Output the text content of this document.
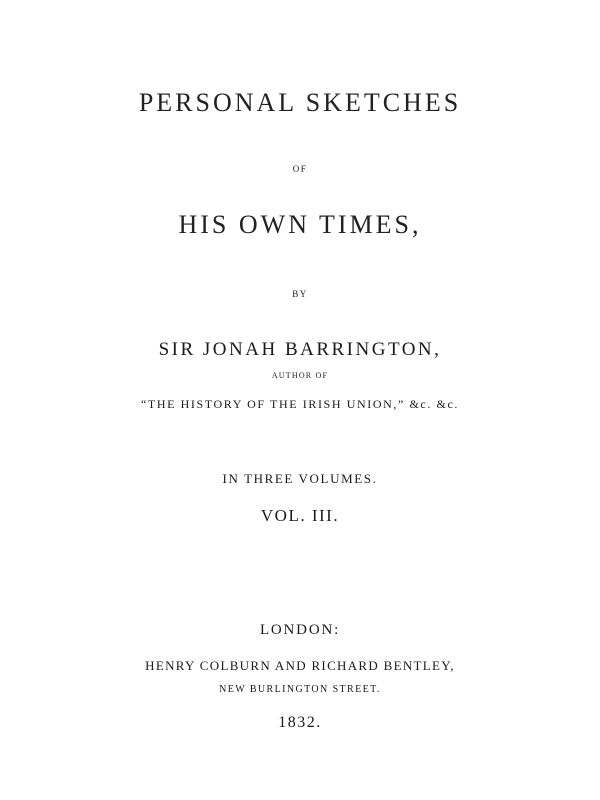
PERSONAL SKETCHES
OF
HIS OWN TIMES,
BY
SIR JONAH BARRINGTON,
AUTHOR OF
“THE HISTORY OF THE IRISH UNION,” &c. &c.
IN THREE VOLUMES.
VOL. III.
LONDON:
HENRY COLBURN AND RICHARD BENTLEY,
NEW BURLINGTON STREET.
1832.
